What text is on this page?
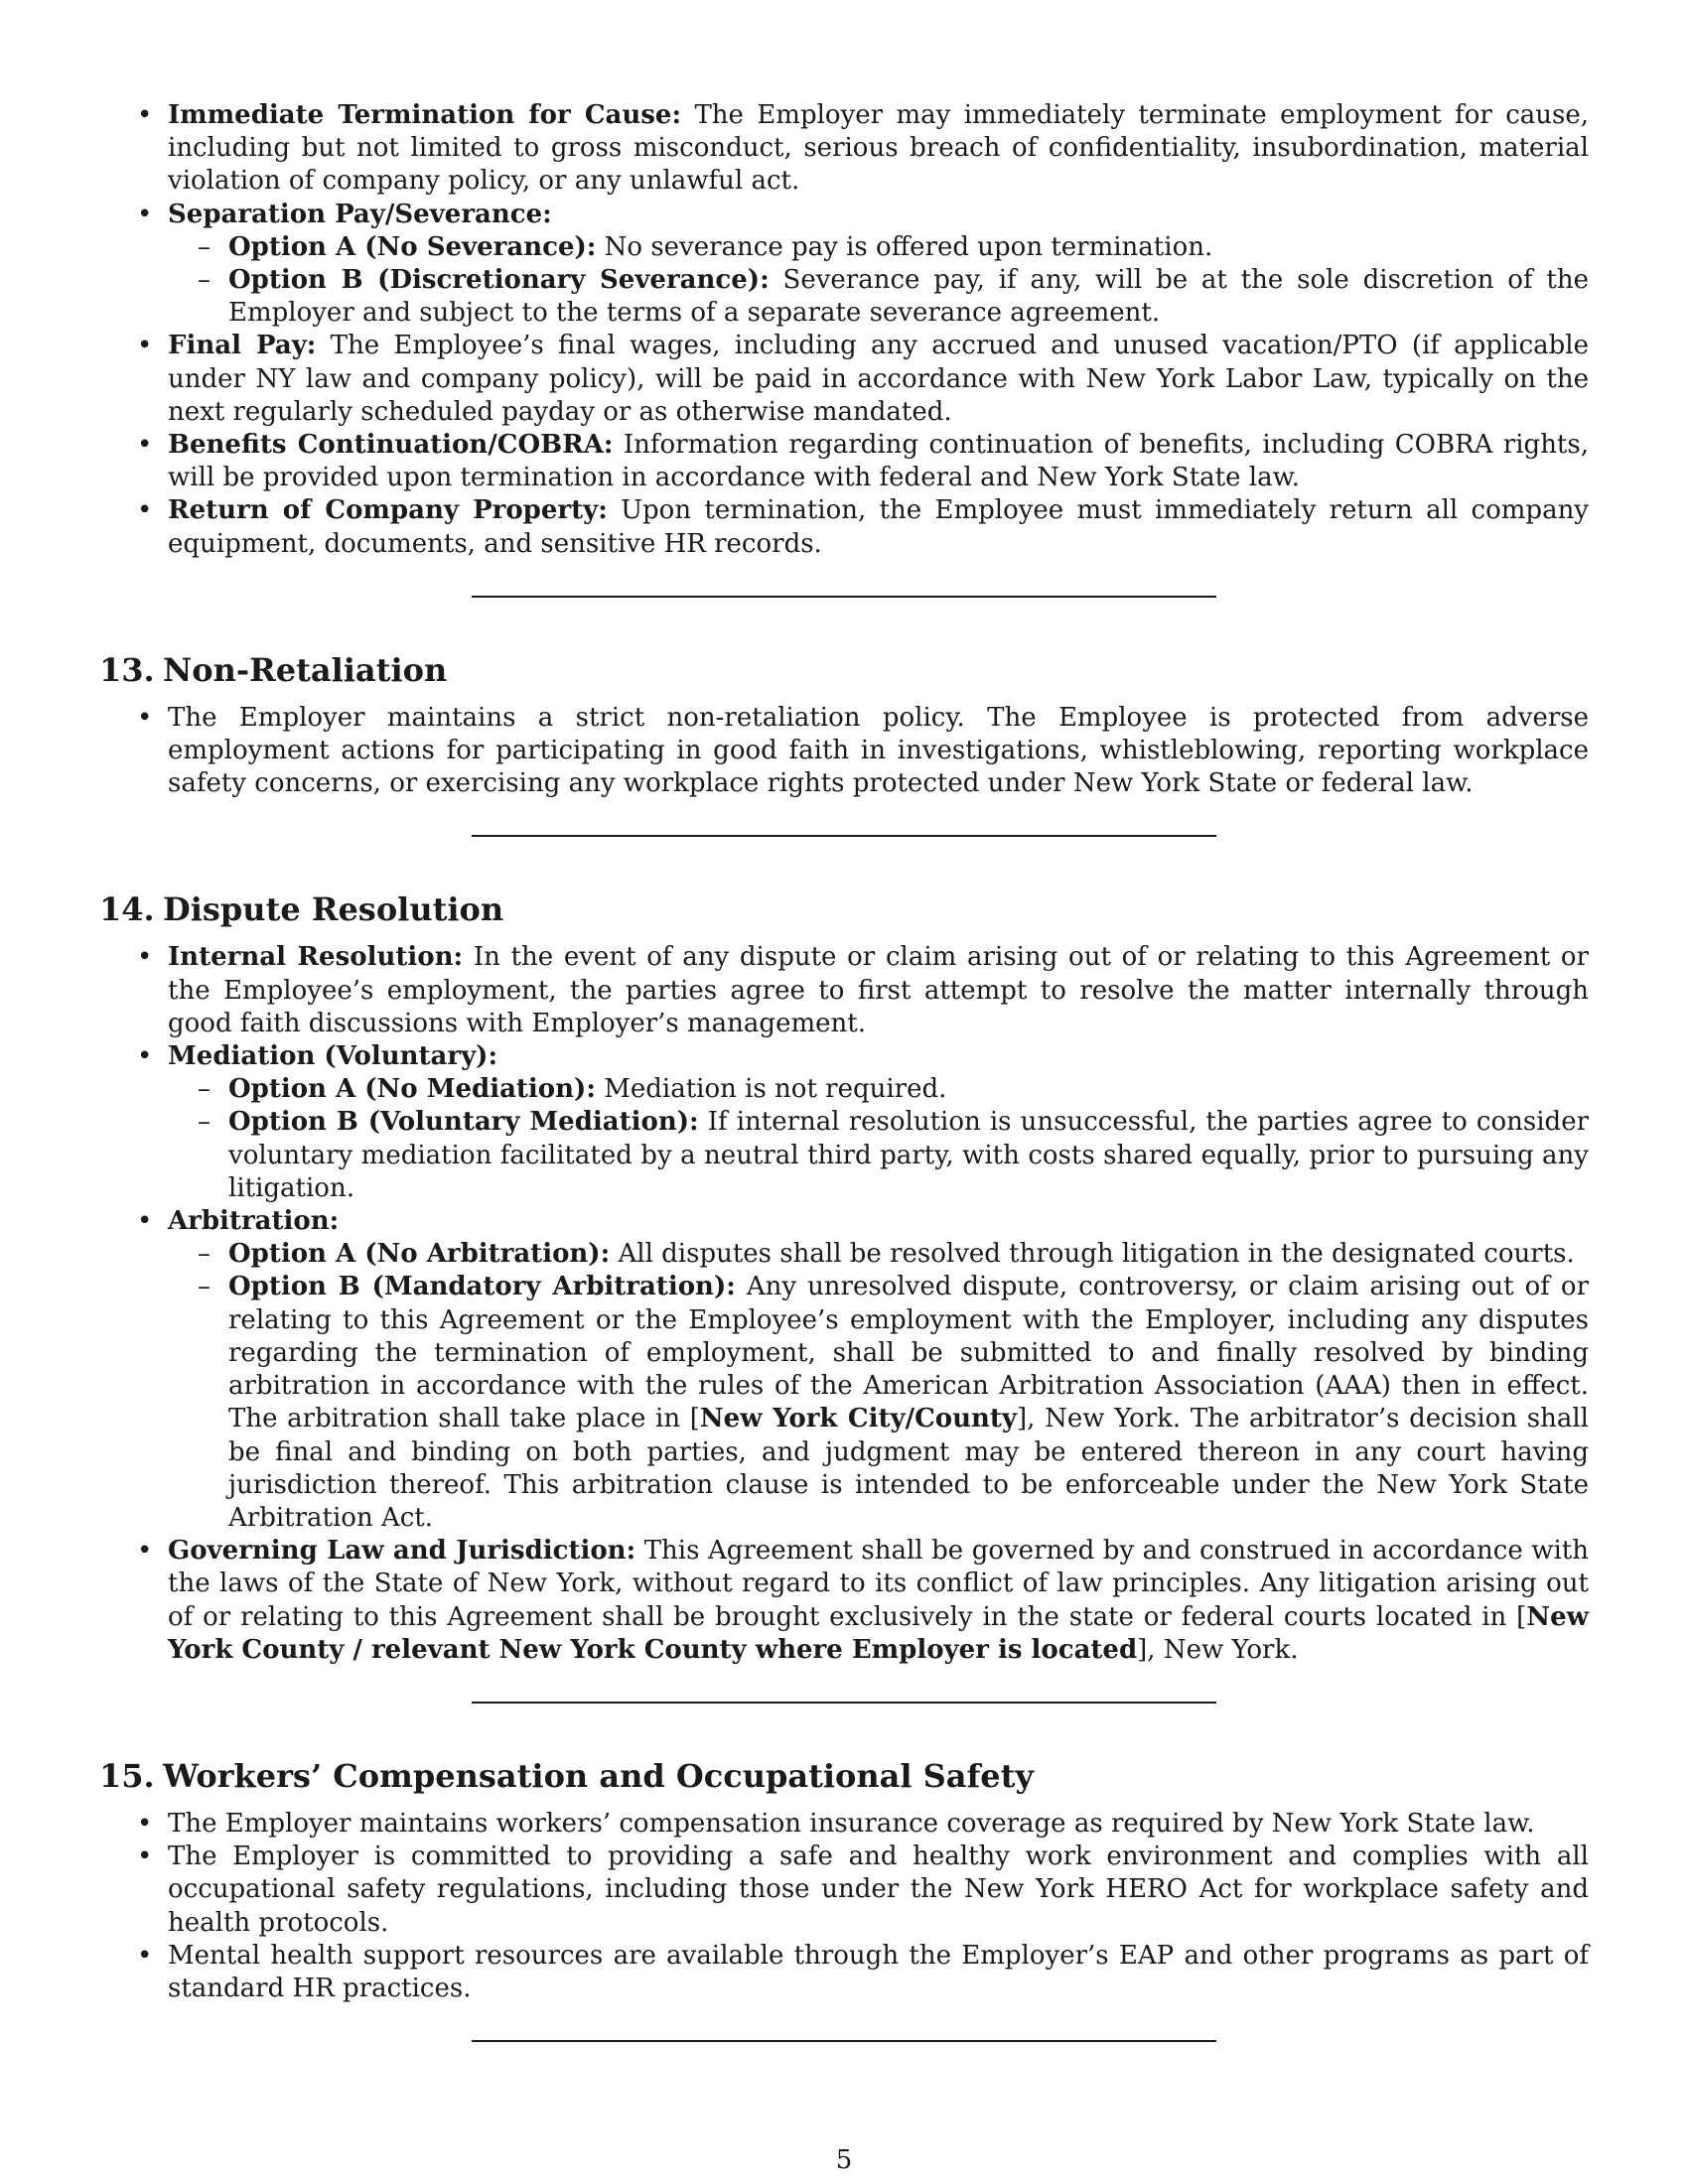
• Immediate Termination for Cause: The Employer may immediately terminate employment for cause, including but not limited to gross misconduct, serious breach of confidentiality, insubordination, material violation of company policy, or any unlawful act.
• Separation Pay/Severance:
– Option A (No Severance): No severance pay is offered upon termination.
– Option B (Discretionary Severance): Severance pay, if any, will be at the sole discretion of the Employer and subject to the terms of a separate severance agreement.
• Final Pay: The Employee’s final wages, including any accrued and unused vacation/PTO (if applicable under NY law and company policy), will be paid in accordance with New York Labor Law, typically on the next regularly scheduled payday or as otherwise mandated.
• Benefits Continuation/COBRA: Information regarding continuation of benefits, including COBRA rights, will be provided upon termination in accordance with federal and New York State law.
• Return of Company Property: Upon termination, the Employee must immediately return all company equipment, documents, and sensitive HR records.
13. Non-Retaliation
• The Employer maintains a strict non-retaliation policy. The Employee is protected from adverse employment actions for participating in good faith in investigations, whistleblowing, reporting workplace safety concerns, or exercising any workplace rights protected under New York State or federal law.
14. Dispute Resolution
• Internal Resolution: In the event of any dispute or claim arising out of or relating to this Agreement or the Employee’s employment, the parties agree to first attempt to resolve the matter internally through good faith discussions with Employer’s management.
• Mediation (Voluntary):
– Option A (No Mediation): Mediation is not required.
– Option B (Voluntary Mediation): If internal resolution is unsuccessful, the parties agree to consider voluntary mediation facilitated by a neutral third party, with costs shared equally, prior to pursuing any litigation.
• Arbitration:
– Option A (No Arbitration): All disputes shall be resolved through litigation in the designated courts.
– Option B (Mandatory Arbitration): Any unresolved dispute, controversy, or claim arising out of or relating to this Agreement or the Employee’s employment with the Employer, including any disputes regarding the termination of employment, shall be submitted to and finally resolved by binding arbitration in accordance with the rules of the American Arbitration Association (AAA) then in effect. The arbitration shall take place in [New York City/County], New York. The arbitrator’s decision shall be final and binding on both parties, and judgment may be entered thereon in any court having jurisdiction thereof. This arbitration clause is intended to be enforceable under the New York State Arbitration Act.
• Governing Law and Jurisdiction: This Agreement shall be governed by and construed in accordance with the laws of the State of New York, without regard to its conflict of law principles. Any litigation arising out of or relating to this Agreement shall be brought exclusively in the state or federal courts located in [New York County / relevant New York County where Employer is located], New York.
15. Workers’ Compensation and Occupational Safety
• The Employer maintains workers’ compensation insurance coverage as required by New York State law.
• The Employer is committed to providing a safe and healthy work environment and complies with all occupational safety regulations, including those under the New York HERO Act for workplace safety and health protocols.
• Mental health support resources are available through the Employer’s EAP and other programs as part of standard HR practices.
5
